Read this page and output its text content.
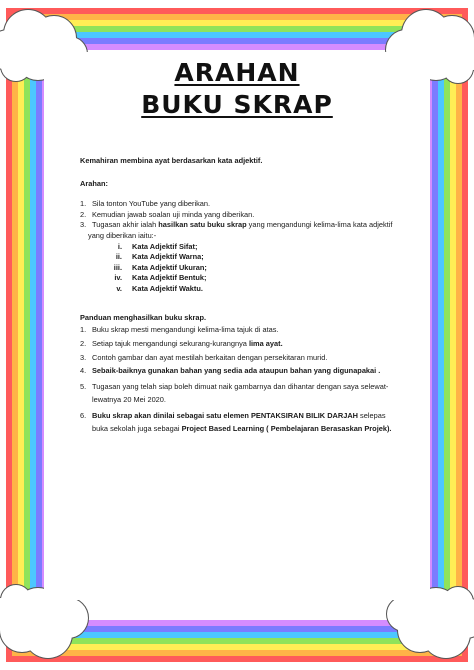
ARAHAN
BUKU SKRAP

Kemahiran membina ayat berdasarkan kata adjektif.

Arahan:

1. Sila tonton YouTube yang diberikan.
2. Kemudian jawab soalan uji minda yang diberikan.
3. Tugasan akhir ialah hasilkan satu buku skrap yang mengandungi kelima-lima kata adjektif

yang diberikan iaitu:-

i. Kata Adjektif Sifat;
ii. Kata Adjektif Warna;
iii. Kata Adjektif Ukuran;
iv. Kata Adjektif Bentuk;
v. Kata Adjektif Waktu.

Panduan menghasilkan buku skrap.

1. Buku skrap mesti mengandungi kelima-lima tajuk di atas.
2. Setiap tajuk mengandungi sekurang-kurangnya lima ayat.
3. Contoh gambar dan ayat mestilah berkaitan dengan persekitaran murid.
4. Sebaik-baiknya gunakan bahan yang sedia ada ataupun bahan yang digunapakai .
5. Tugasan yang telah siap boleh dimuat naik gambarnya dan dihantar dengan saya selewat-lewatnya 20 Mei 2020.
6. Buku skrap akan dinilai sebagai satu elemen PENTAKSIRAN BILIK DARJAH selepas buka sekolah juga sebagai Project Based Learning ( Pembelajaran Berasaskan Projek).
